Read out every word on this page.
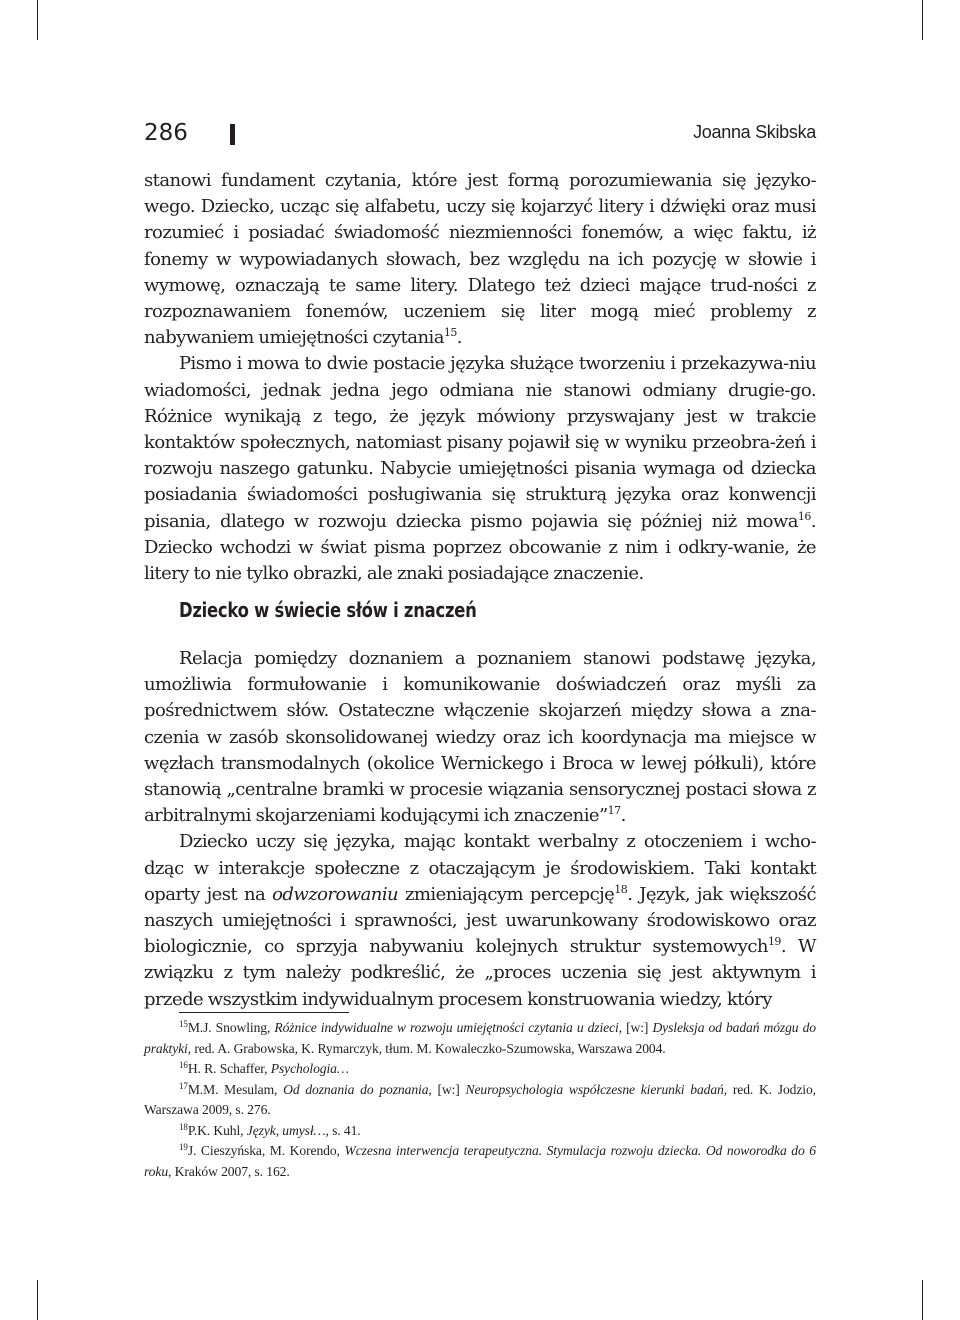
286	Joanna Skibska

stanowi fundament czytania, które jest formą porozumiewania się języko-wego. Dziecko, ucząc się alfabetu, uczy się kojarzyć litery i dźwięki oraz musi rozumieć i posiadać świadomość niezmienności fonemów, a więc faktu, iż fonemy w wypowiadanych słowach, bez względu na ich pozycję w słowie i wymowę, oznaczają te same litery. Dlatego też dzieci mające trud-ności z rozpoznawaniem fonemów, uczeniem się liter mogą mieć problemy z nabywaniem umiejętności czytania$^{15}$.

Pismo i mowa to dwie postacie języka służące tworzeniu i przekazywa-niu wiadomości, jednak jedna jego odmiana nie stanowi odmiany drugie-go. Różnice wynikają z tego, że język mówiony przyswajany jest w trakcie kontaktów społecznych, natomiast pisany pojawił się w wyniku przeobra-żeń i rozwoju naszego gatunku. Nabycie umiejętności pisania wymaga od dziecka posiadania świadomości posługiwania się strukturą języka oraz konwencji pisania, dlatego w rozwoju dziecka pismo pojawia się później niż mowa$^{16}$. Dziecko wchodzi w świat pisma poprzez obcowanie z nim i odkry-wanie, że litery to nie tylko obrazki, ale znaki posiadające znaczenie.

Dziecko w świecie słów i znaczeń

Relacja pomiędzy doznaniem a poznaniem stanowi podstawę języka, umożliwia formułowanie i komunikowanie doświadczeń oraz myśli za pośrednictwem słów. Ostateczne włączenie skojarzeń między słowa a zna-czenia w zasób skonsolidowanej wiedzy oraz ich koordynacja ma miejsce w węzłach transmodalnych (okolice Wernickego i Broca w lewej półkuli), które stanowią „centralne bramki w procesie wiązania sensorycznej postaci słowa z arbitralnymi skojarzeniami kodującymi ich znaczenie”$^{17}$.

Dziecko uczy się języka, mając kontakt werbalny z otoczeniem i wcho-dząc w interakcje społeczne z otaczającym je środowiskiem. Taki kontakt oparty jest na odwzorowaniu zmieniającym percepcję$^{18}$. Język, jak większość naszych umiejętności i sprawności, jest uwarunkowany środowiskowo oraz biologicznie, co sprzyja nabywaniu kolejnych struktur systemowych$^{19}$. W związku z tym należy podkreślić, że „proces uczenia się jest aktywnym i przede wszystkim indywidualnym procesem konstruowania wiedzy, który

$^{15}$M.J. Snowling, Różnice indywidualne w rozwoju umiejętności czytania u dzieci, [w:] Dysleksja od badań mózgu do praktyki, red. A. Grabowska, K. Rymarczyk, tłum. M. Kowaleczko-Szumowska, Warszawa 2004.

$^{16}$H. R. Schaffer, Psychologia…

$^{17}$M.M. Mesulam, Od doznania do poznania, [w:] Neuropsychologia współczesne kierunki badań, red. K. Jodzio, Warszawa 2009, s. 276.

$^{18}$P.K. Kuhl, Język, umysł…, s. 41.

$^{19}$J. Cieszyńska, M. Korendo, Wczesna interwencja terapeutyczna. Stymulacja rozwoju dziecka. Od noworodka do 6 roku, Kraków 2007, s. 162.
